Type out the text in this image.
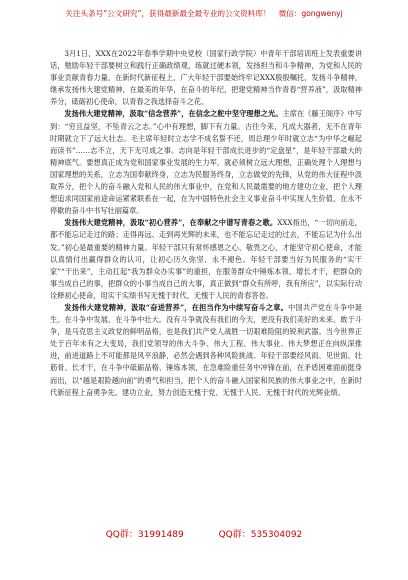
关注头条号“公文研究”，获得最新最全最专业的公文资料库！ 微信：gongwenyj

3月1日，XXX在2022年春季学期中央党校（国家行政学院）中青年干部培训班上发表重要讲话，勉励年轻干部要树立和践行正确政绩观，练就过硬本领，发扬担当和斗争精神，为党和人民的事业贡献青春力量，在新时代新征程上，广大年轻干部要始终牢记XXX殷殷嘱托，发扬斗争精神，继承发扬伟大建党精神，在最美的年华，在奋斗的年纪，把建党精神当作青春“营养液”，汲取精神养分，砥砺初心使命，以青春之我选择奋斗之花。

发扬伟大建党精神，汲取“信念营养”，在信念之舵中坚守理想之光。主席在《藤王阁序》中写到：“穷且益坚，不坠青云之志。”心中有理想，脚下有力量。古往今来，凡成大器者，无不在青年时期就立下了远大壮志。毛主席年轻时立志学不成名誓不还，周总理少年时就立志“为中华之崛起而读书”……志不立，天下无可成之事。志向是年轻干部成长进步的“定盘星”，是年轻干部最大的精神底气。要想真正成为党和国家事业发展的生力军，就必须树立远大理想，正确处理个人理想与国家理想的关系，立志为国奉献终身，立志为民服务终身，立志做党的先锋，从党的伟大征程中汲取养分，把个人的奋斗融入党和人民的伟大事业中，在党和人民最需要的地方建功立业，把个人理想追求同国家前途命运紧紧联系在一起，在为中国特色社会主义事业奋斗中实现人生价值，在永不停歇的奋斗中书写壮丽篇章。

发扬伟大建党精神，汲取“初心营养”，在奉献之中谱写青春之歌。XXX指出，“一切向前走，都不能忘记走过的路；走得再远、走到再光辉的未来，也不能忘记走过的过去，不能忘记为什么出发。”初心是最重要的精神力量。年轻干部只有常怀感恩之心、敬畏之心，才能坚守初心使命，才能以真情付出赢得群众的认可，让初心历久弥坚、永不褪色。年轻干部要当好为民服务的“实干家”“干出来”，主动扛起“我为群众办实事”的重担，在服务群众中锤炼本领、增长才干，把群众的事当成自己的事，把群众的小事当成自己的大事，真正做到“群众有所呼，我有所应”，以实际行动诠释初心使命，用实干实绩书写无愧于时代、无愧于人民的青春答卷。

发扬伟大建党精神，汲取“奋进营养”，在担当作为中续写奋斗之章。中国共产党在斗争中诞生、在斗争中发展、在斗争中壮大。没有斗争就没有我们的今天，更没有我们美好的未来。敢于斗争，是马克思主义政党的鲜明品格，也是我们共产党人战胜一切艰难险阻的锐利武器。当今世界正处于百年未有之大变局，我们党领导的伟大斗争、伟大工程、伟大事业、伟大梦想正在向纵深推进，前进道路上不可能都是风平浪静，必然会遇到各种风险挑战。年轻干部要经风雨、见世面、壮筋骨、长才干，在斗争中砥砺品格、锤炼本领，在急难险重任务中冲锋在前，在矛盾困难面前挺身而出，以“越是艰险越向前”的勇气和担当，把个人的奋斗融入国家和民族的伟大事业之中，在新时代新征程上奋勇争先、建功立业，努力创造无愧于党、无愧于人民、无愧于时代的光辉业绩。

QQ群：31991489	QQ群：535304092
